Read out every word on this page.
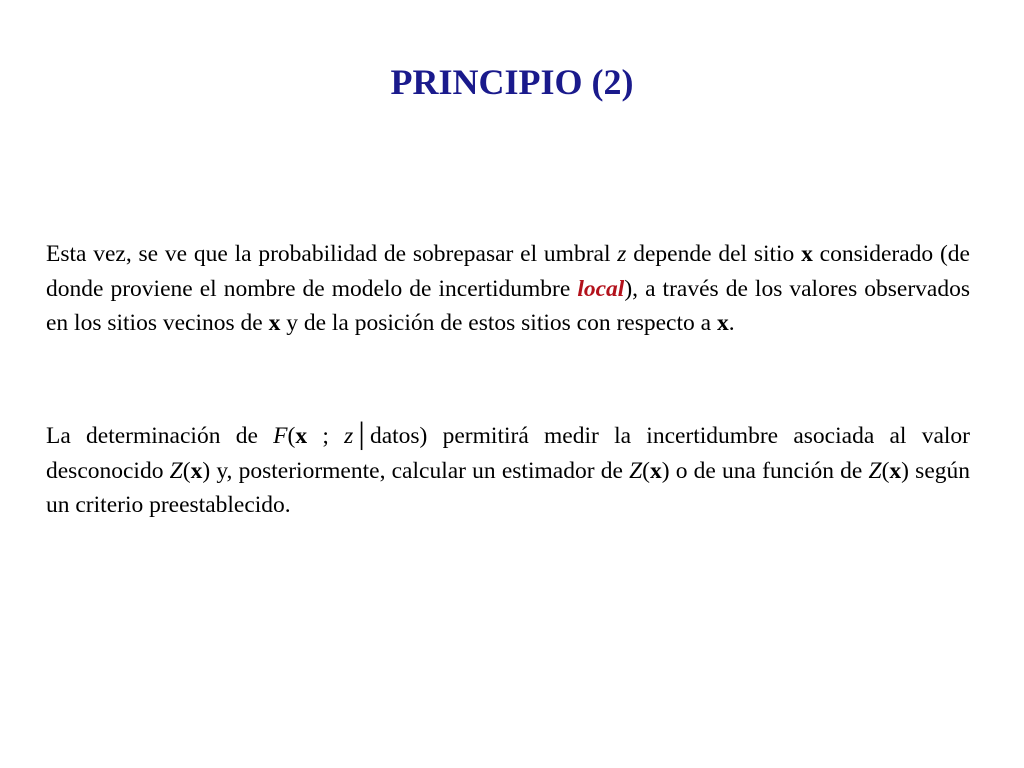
PRINCIPIO (2)

Esta vez, se ve que la probabilidad de sobrepasar el umbral z depende del sitio x considerado (de donde proviene el nombre de modelo de incertidumbre local), a través de los valores observados en los sitios vecinos de x y de la posición de estos sitios con respecto a x.

La determinación de F(x ; z│datos) permitirá medir la incertidumbre asociada al valor desconocido Z(x) y, posteriormente, calcular un estimador de Z(x) o de una función de Z(x) según un criterio preestablecido.
